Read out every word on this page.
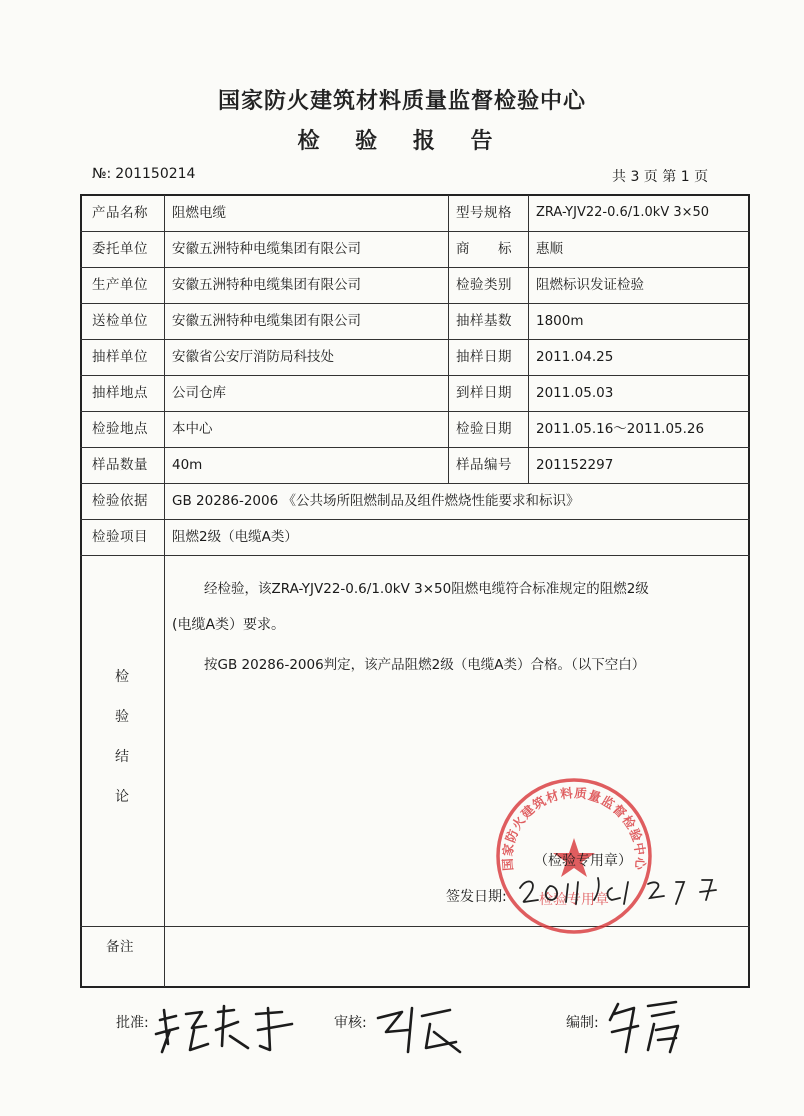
国家防火建筑材料质量监督检验中心
检 验 报 告
№: 201150214	共 3 页 第 1 页
产品名称 阻燃电缆	型号规格 ZRA-YJV22-0.6/1.0kV 3×50
委托单位 安徽五洲特种电缆集团有限公司	商　　标 惠顺
生产单位 安徽五洲特种电缆集团有限公司	检验类别 阻燃标识发证检验
送检单位 安徽五洲特种电缆集团有限公司	抽样基数 1800m
抽样单位 安徽省公安厅消防局科技处	抽样日期 2011.04.25
抽样地点 公司仓库	到样日期 2011.05.03
检验地点 本中心	检验日期 2011.05.16～2011.05.26
样品数量 40m	样品编号 201152297
检验依据 GB 20286-2006 《公共场所阻燃制品及组件燃烧性能要求和标识》
检验项目 阻燃2级（电缆A类）
检
验
结
论
经检验，该ZRA-YJV22-0.6/1.0kV 3×50阻燃电缆符合标准规定的阻燃2级
(电缆A类）要求。
按GB 20286-2006判定，该产品阻燃2级（电缆A类）合格。（以下空白）
国家防火建筑材料质量监督检验中心
检验专用章
（检验专用章）
签发日期:
备注
批准:	审核:	编制:
